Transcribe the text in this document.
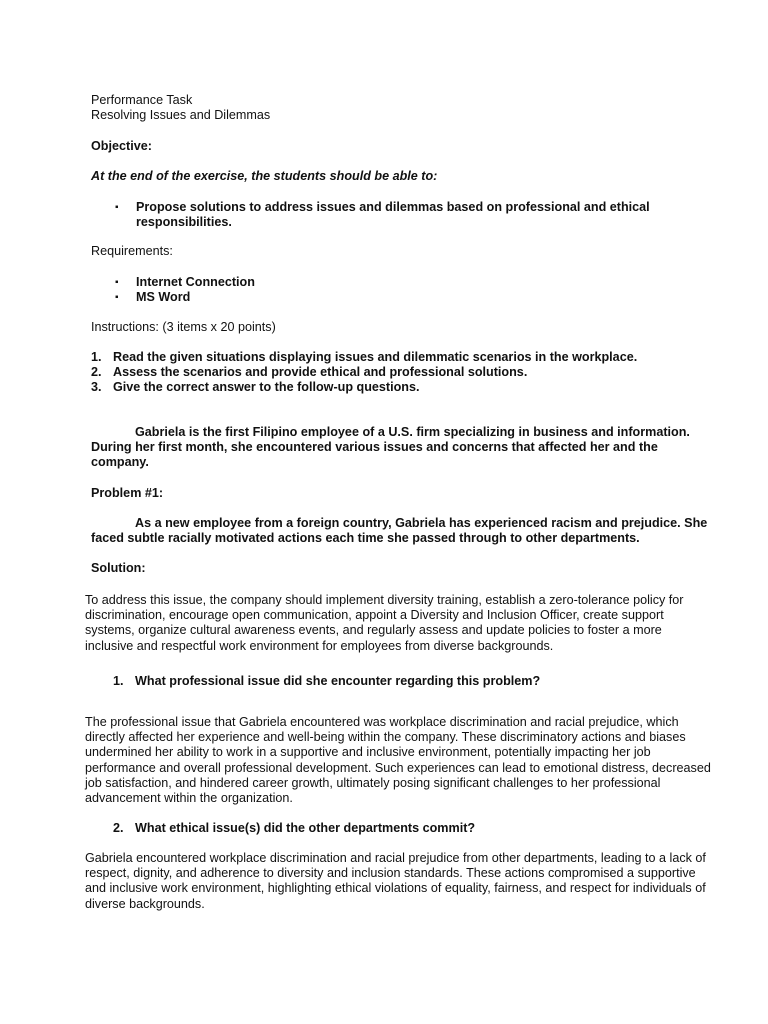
Performance Task
Resolving Issues and Dilemmas
Objective:
At the end of the exercise, the students should be able to:
▪ Propose solutions to address issues and dilemmas based on professional and ethical responsibilities.
Requirements:
▪ Internet Connection
▪ MS Word
Instructions: (3 items x 20 points)
1. Read the given situations displaying issues and dilemmatic scenarios in the workplace.
2. Assess the scenarios and provide ethical and professional solutions.
3. Give the correct answer to the follow-up questions.
Gabriela is the first Filipino employee of a U.S. firm specializing in business and information. During her first month, she encountered various issues and concerns that affected her and the company.
Problem #1:
As a new employee from a foreign country, Gabriela has experienced racism and prejudice. She faced subtle racially motivated actions each time she passed through to other departments.
Solution:
To address this issue, the company should implement diversity training, establish a zero-tolerance policy for discrimination, encourage open communication, appoint a Diversity and Inclusion Officer, create support systems, organize cultural awareness events, and regularly assess and update policies to foster a more inclusive and respectful work environment for employees from diverse backgrounds.
1. What professional issue did she encounter regarding this problem?
The professional issue that Gabriela encountered was workplace discrimination and racial prejudice, which directly affected her experience and well-being within the company. These discriminatory actions and biases undermined her ability to work in a supportive and inclusive environment, potentially impacting her job performance and overall professional development. Such experiences can lead to emotional distress, decreased job satisfaction, and hindered career growth, ultimately posing significant challenges to her professional advancement within the organization.
2. What ethical issue(s) did the other departments commit?
Gabriela encountered workplace discrimination and racial prejudice from other departments, leading to a lack of respect, dignity, and adherence to diversity and inclusion standards. These actions compromised a supportive and inclusive work environment, highlighting ethical violations of equality, fairness, and respect for individuals of diverse backgrounds.
